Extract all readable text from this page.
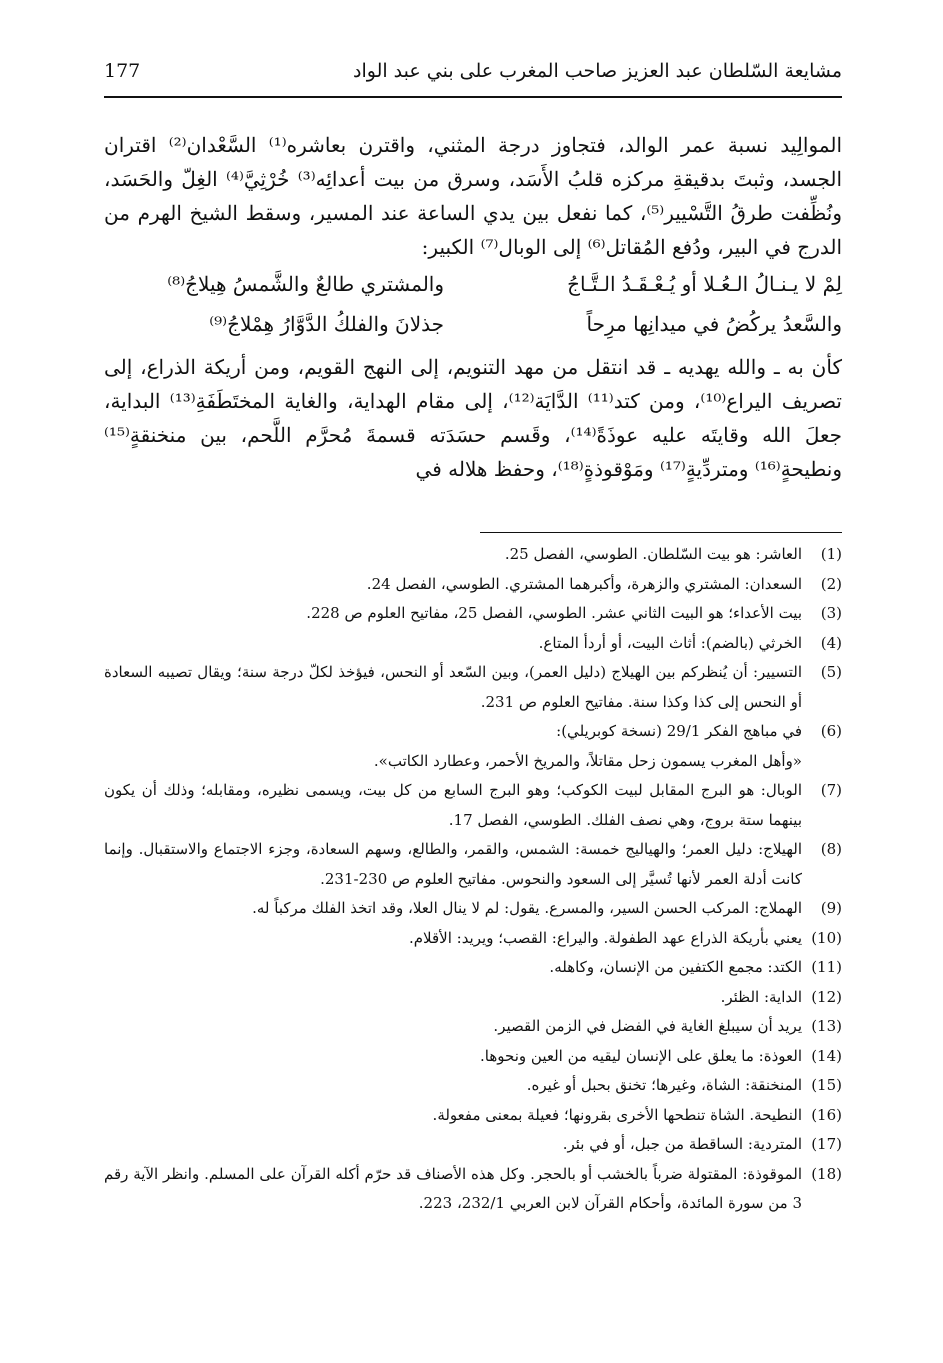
مشايعة السّلطان عبد العزيز صاحب المغرب على بني عبد الواد
177

الموالِيد نسبة عمر الوالد، فتجاوز درجة المثني، واقترن بعاشره⁽¹⁾ السَّعْدان⁽²⁾ اقتران الجسد، وثبتَ بدقيقةِ مركزه قلبُ الأَسَد، وسرق من بيت أعدائِه⁽³⁾ خُرْثِيَّ⁽⁴⁾ الغِلّ والحَسَد، ونُظِّفت طرقُ التَّسْيير⁽⁵⁾، كما نفعل بين يدي الساعة عند المسير، وسقط الشيخ الهرم من الدرج في البير، ودُفع المُقاتل⁽⁶⁾ إلى الوبال⁽⁷⁾ الكبير:

لِمْ لا يـنـالُ الـعُـلا أو يُـعْـقَـدُ الـتَّـاجُ
والمشتري طالعٌ والشَّمسُ هِيلاجُ⁽⁸⁾
والسَّعدُ يركُضُ في ميدانِها مرِحاً
جذلانَ والفلكُ الدَّوَّارُ هِمْلاجُ⁽⁹⁾

كأن به ـ والله يهديه ـ قد انتقل من مهد التنويم، إلى النهج القويم، ومن أريكة الذراع، إلى تصريف اليراع⁽¹⁰⁾، ومن كتد⁽¹¹⁾ الدَّايَة⁽¹²⁾، إلى مقام الهداية، والغاية المختَطَفَةِ⁽¹³⁾ البداية، جعلَ الله وقايتَه عليه عوذَةً⁽¹⁴⁾، وقَسم حسَدَته قسمةَ مُحرَّم اللَّحم، بين منخنقةٍ⁽¹⁵⁾ ونطيحةٍ⁽¹⁶⁾ ومتردِّيةٍ⁽¹⁷⁾ ومَوْقوذةٍ⁽¹⁸⁾، وحفظ هلاله في

(1)
العاشر: هو بيت السّلطان. الطوسي، الفصل 25.
(2)
السعدان: المشتري والزهرة، وأكبرهما المشتري. الطوسي، الفصل 24.
(3)
بيت الأعداء؛ هو البيت الثاني عشر. الطوسي، الفصل 25، مفاتيح العلوم ص 228.
(4)
الخرثي (بالضم): أثاث البيت، أو أردأ المتاع.
(5)
التسيير: أن يُنظركم بين الهيلاج (دليل العمر)، وبين السّعد أو النحس، فيؤخذ لكلّ درجة سنة؛ ويقال تصيبه السعادة أو النحس إلى كذا وكذا سنة. مفاتيح العلوم ص 231.
(6)
في مباهج الفكر 29/1 (نسخة كوبريلي):
«وأهل المغرب يسمون زحل مقاتلاً، والمريخ الأحمر، وعطارد الكاتب».
(7)
الوبال: هو البرج المقابل لبيت الكوكب؛ وهو البرج السابع من كل بيت، ويسمى نظيره، ومقابله؛ وذلك أن يكون بينهما ستة بروج، وهي نصف الفلك. الطوسي، الفصل 17.
(8)
الهيلاج: دليل العمر؛ والهياليج خمسة: الشمس، والقمر، والطالع، وسهم السعادة، وجزء الاجتماع والاستقبال. وإنما كانت أدلة العمر لأنها تُسيَّر إلى السعود والنحوس. مفاتيح العلوم ص 230-231.
(9)
الهملاج: المركب الحسن السير، والمسرع. يقول: لم لا ينال العلا، وقد اتخذ الفلك مركباً له.
(10)
يعني بأريكة الذراع عهد الطفولة. واليراع: القصب؛ ويريد: الأقلام.
(11)
الكتد: مجمع الكتفين من الإنسان، وكاهله.
(12)
الداية: الظئر.
(13)
يريد أن سيبلغ الغاية في الفضل في الزمن القصير.
(14)
العوذة: ما يعلق على الإنسان ليقيه من العين ونحوها.
(15)
المنخنقة: الشاة، وغيرها؛ تخنق بحبل أو غيره.
(16)
النطيحة. الشاة تنطحها الأخرى بقرونها؛ فعيلة بمعنى مفعولة.
(17)
المتردية: الساقطة من جبل، أو في بئر.
(18)
الموقوذة: المقتولة ضرباً بالخشب أو بالحجر. وكل هذه الأصناف قد حرّم أكله القرآن على المسلم. وانظر الآية رقم 3 من سورة المائدة، وأحكام القرآن لابن العربي 232/1، 223.
